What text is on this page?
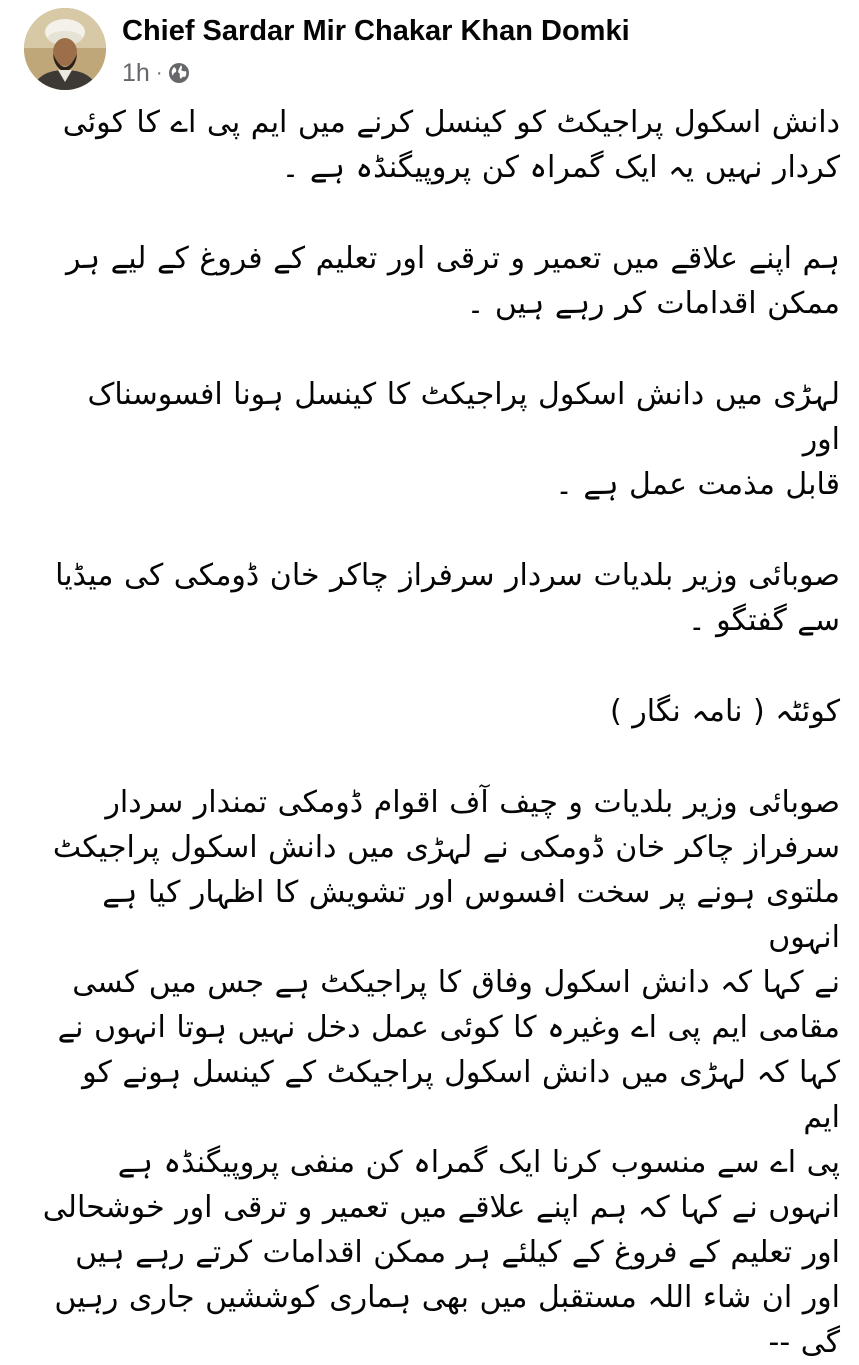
Chief Sardar Mir Chakar Khan Domki
1h ·

دانش اسکول پراجیکٹ کو کینسل کرنے میں ایم پی اے کا کوئی
کردار نہیں یہ ایک گمراہ کن پروپیگنڈہ ہے ۔

ہم اپنے علاقے میں تعمیر و ترقی اور تعلیم کے فروغ کے لیے ہر
ممکن اقدامات کر رہے ہیں ۔

لہڑی میں دانش اسکول پراجیکٹ کا کینسل ہونا افسوسناک اور
قابل مذمت عمل ہے ۔

صوبائی وزیر بلدیات سردار سرفراز چاکر خان ڈومکی کی میڈیا
سے گفتگو ۔

کوئٹہ ( نامہ نگار )

صوبائی وزیر بلدیات و چیف آف اقوام ڈومکی تمندار سردار
سرفراز چاکر خان ڈومکی نے لہڑی میں دانش اسکول پراجیکٹ
ملتوی ہونے پر سخت افسوس اور تشویش کا اظہار کیا ہے انہوں
نے کہا کہ دانش اسکول وفاق کا پراجیکٹ ہے جس میں کسی
مقامی ایم پی اے وغیرہ کا کوئی عمل دخل نہیں ہوتا انہوں نے
کہا کہ لہڑی میں دانش اسکول پراجیکٹ کے کینسل ہونے کو ایم
پی اے سے منسوب کرنا ایک گمراہ کن منفی پروپیگنڈہ ہے
انہوں نے کہا کہ ہم اپنے علاقے میں تعمیر و ترقی اور خوشحالی
اور تعلیم کے فروغ کے کیلئے ہر ممکن اقدامات کرتے رہے ہیں
اور ان شاء اللہ مستقبل میں بھی ہماری کوششیں جاری رہیں
گی --
